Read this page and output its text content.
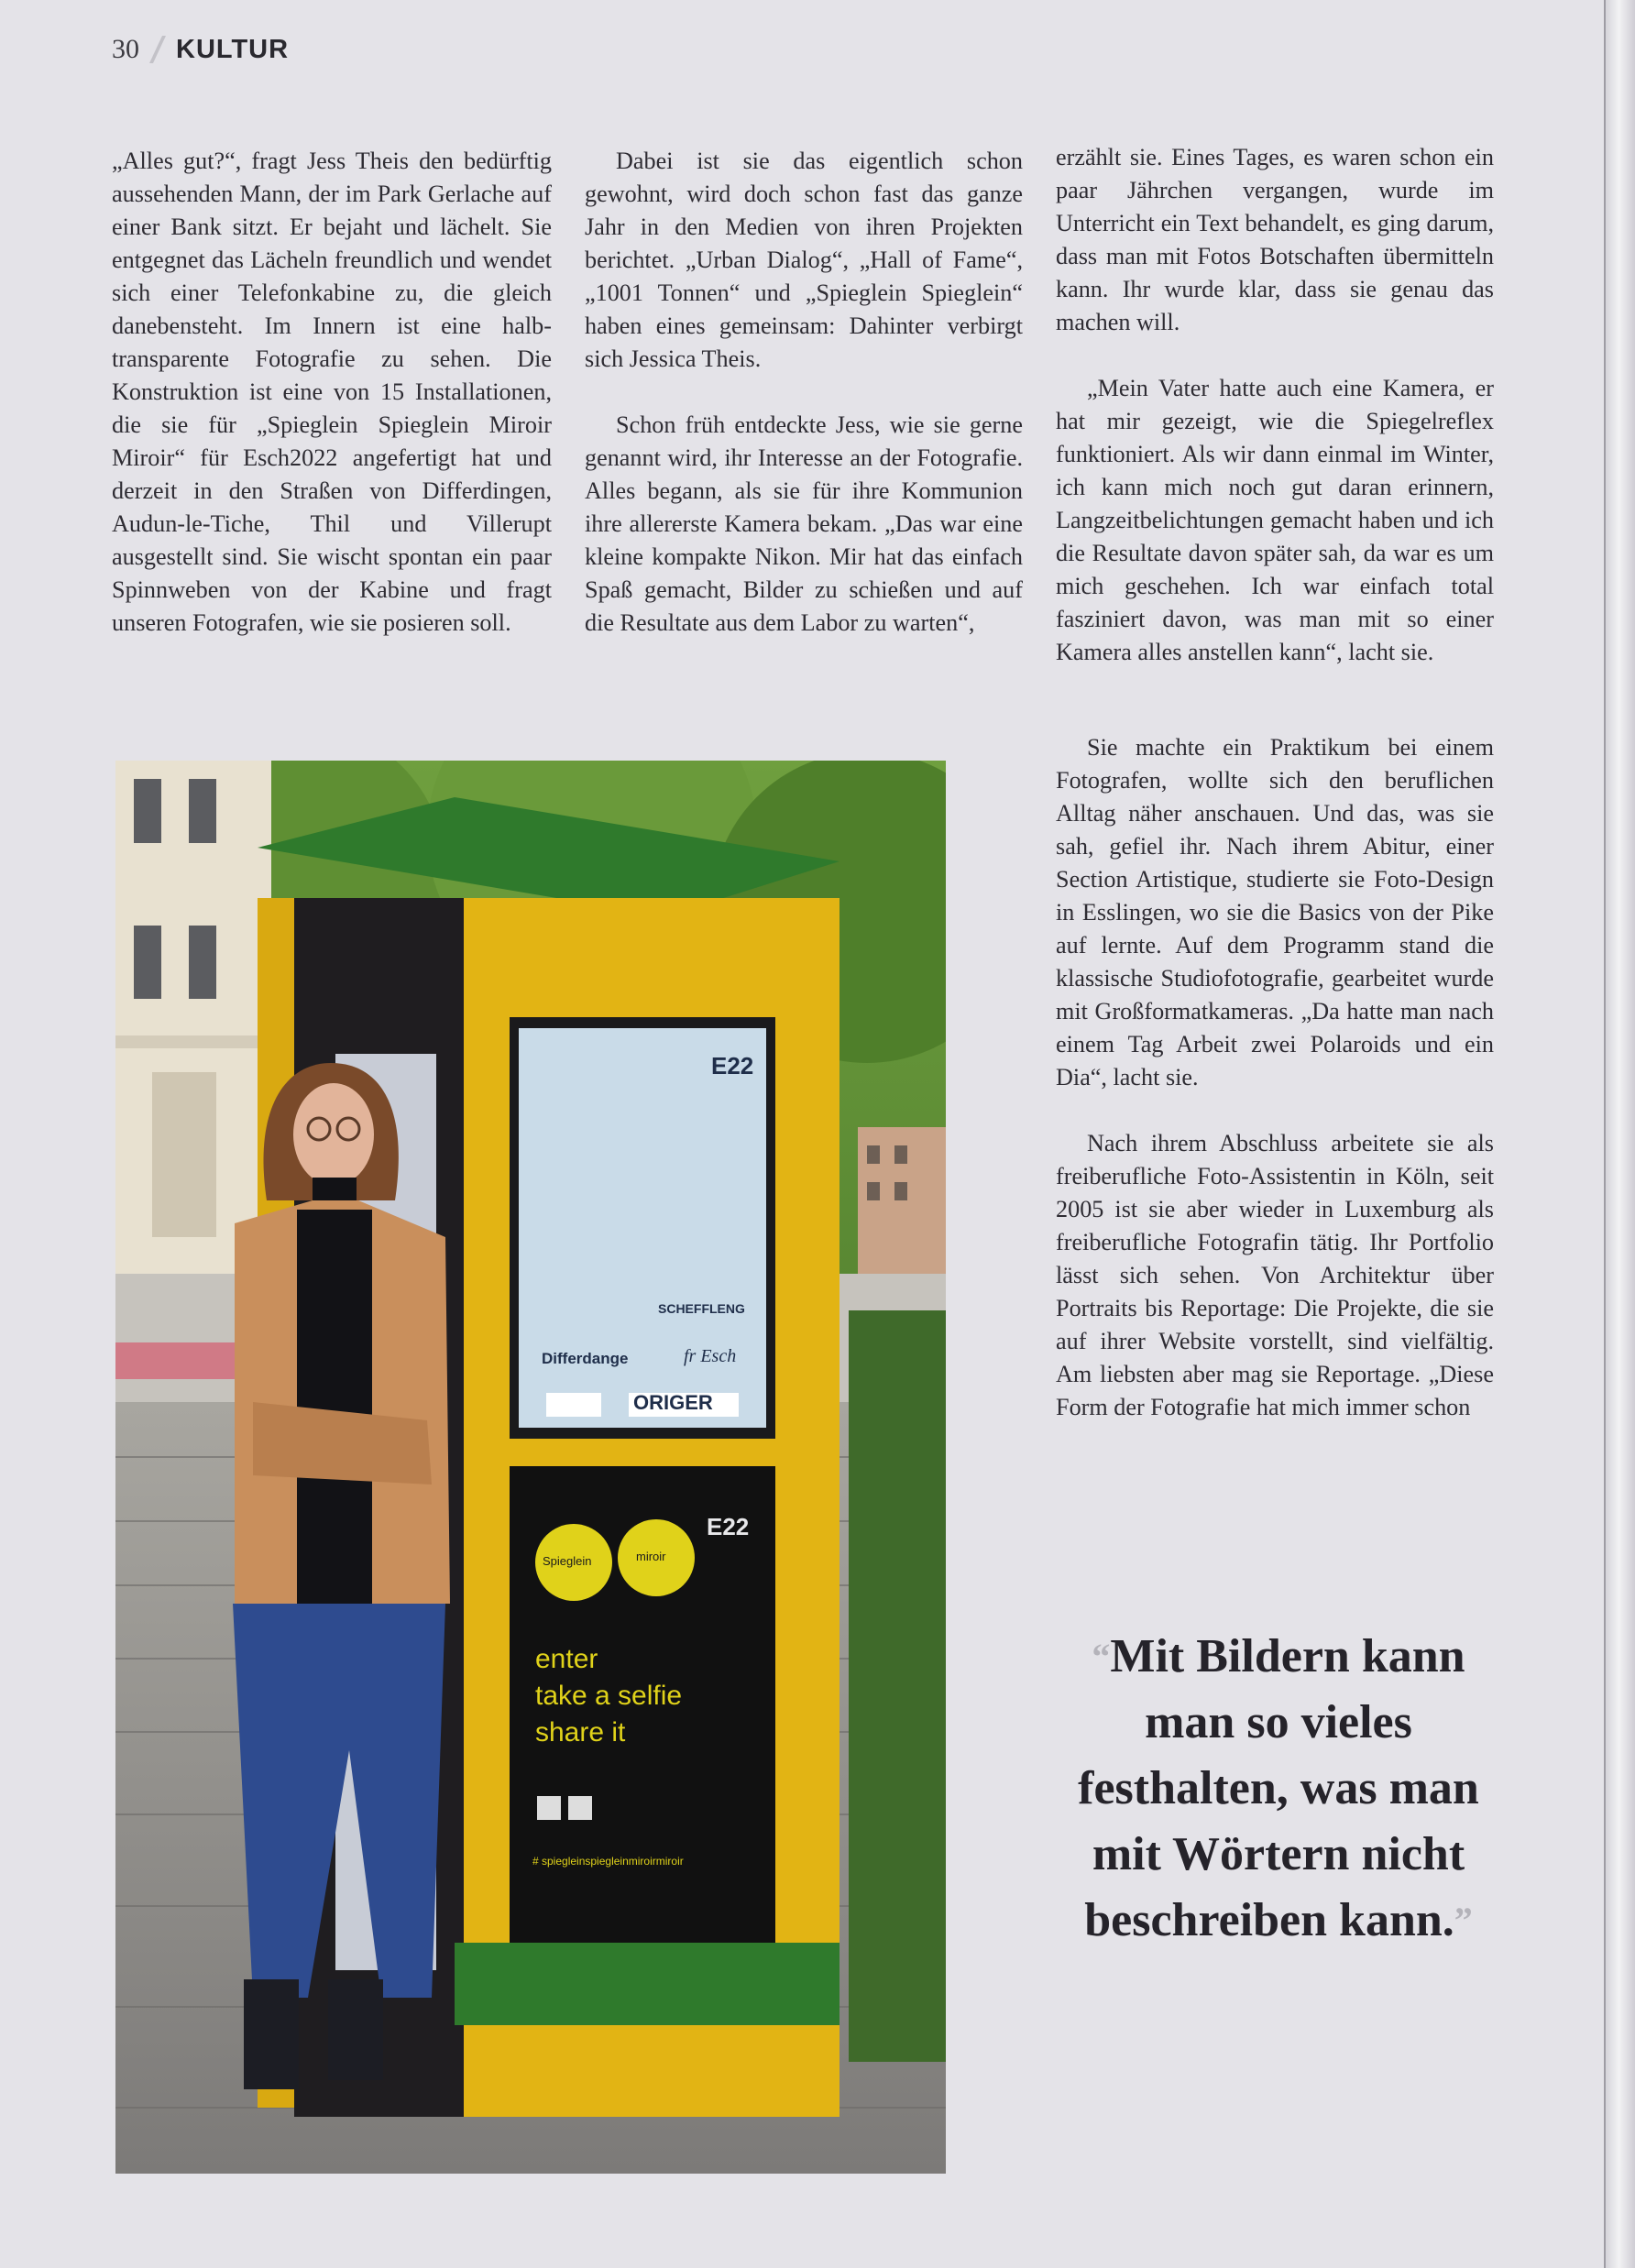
30 KULTUR

„Alles gut?“, fragt Jess Theis den bedürftig aussehenden Mann, der im Park Gerlache auf einer Bank sitzt. Er bejaht und lächelt. Sie entgegnet das Lächeln freundlich und wendet sich einer Telefonkabine zu, die gleich danebensteht. Im Innern ist eine halb-transparente Fotografie zu sehen. Die Konstruktion ist eine von 15 Installationen, die sie für „Spieglein Spieglein Miroir Miroir“ für Esch2022 angefertigt hat und derzeit in den Straßen von Differdingen, Audun-le-Tiche, Thil und Villerupt ausgestellt sind. Sie wischt spontan ein paar Spinnweben von der Kabine und fragt unseren Fotografen, wie sie posieren soll.

Dabei ist sie das eigentlich schon gewohnt, wird doch schon fast das ganze Jahr in den Medien von ihren Projekten berichtet. „Urban Dialog“, „Hall of Fame“, „1001 Tonnen“ und „Spieglein Spieglein“ haben eines gemeinsam: Dahinter verbirgt sich Jessica Theis.

Schon früh entdeckte Jess, wie sie gerne genannt wird, ihr Interesse an der Fotografie. Alles begann, als sie für ihre Kommunion ihre allererste Kamera bekam. „Das war eine kleine kompakte Nikon. Mir hat das einfach Spaß gemacht, Bilder zu schießen und auf die Resultate aus dem Labor zu warten“,

erzählt sie. Eines Tages, es waren schon ein paar Jährchen vergangen, wurde im Unterricht ein Text behandelt, es ging darum, dass man mit Fotos Botschaften übermitteln kann. Ihr wurde klar, dass sie genau das machen will.

„Mein Vater hatte auch eine Kamera, er hat mir gezeigt, wie die Spiegelreflex funktioniert. Als wir dann einmal im Winter, ich kann mich noch gut daran erinnern, Langzeitbelichtungen gemacht haben und ich die Resultate davon später sah, da war es um mich geschehen. Ich war einfach total fasziniert davon, was man mit so einer Kamera alles anstellen kann“, lacht sie.

Sie machte ein Praktikum bei einem Fotografen, wollte sich den beruflichen Alltag näher anschauen. Und das, was sie sah, gefiel ihr. Nach ihrem Abitur, einer Section Artistique, studierte sie Foto-Design in Esslingen, wo sie die Basics von der Pike auf lernte. Auf dem Programm stand die klassische Studiofotografie, gearbeitet wurde mit Großformatkameras. „Da hatte man nach einem Tag Arbeit zwei Polaroids und ein Dia“, lacht sie.

Nach ihrem Abschluss arbeitete sie als freiberufliche Foto-Assistentin in Köln, seit 2005 ist sie aber wieder in Luxemburg als freiberufliche Fotografin tätig. Ihr Portfolio lässt sich sehen. Von Architektur über Portraits bis Reportage: Die Projekte, die sie auf ihrer Website vorstellt, sind vielfältig. Am liebsten aber mag sie Reportage. „Diese Form der Fotografie hat mich immer schon

E22
SCHEFFLENG
Differdange	fr Esch
ORIGER
E22
Spieglein	miroir
enter
take a selfie
share it
# spiegleinspiegleinmiroirmiroir
“Mit Bildern kann man so vieles festhalten, was man mit Wörtern nicht beschreiben kann.”
